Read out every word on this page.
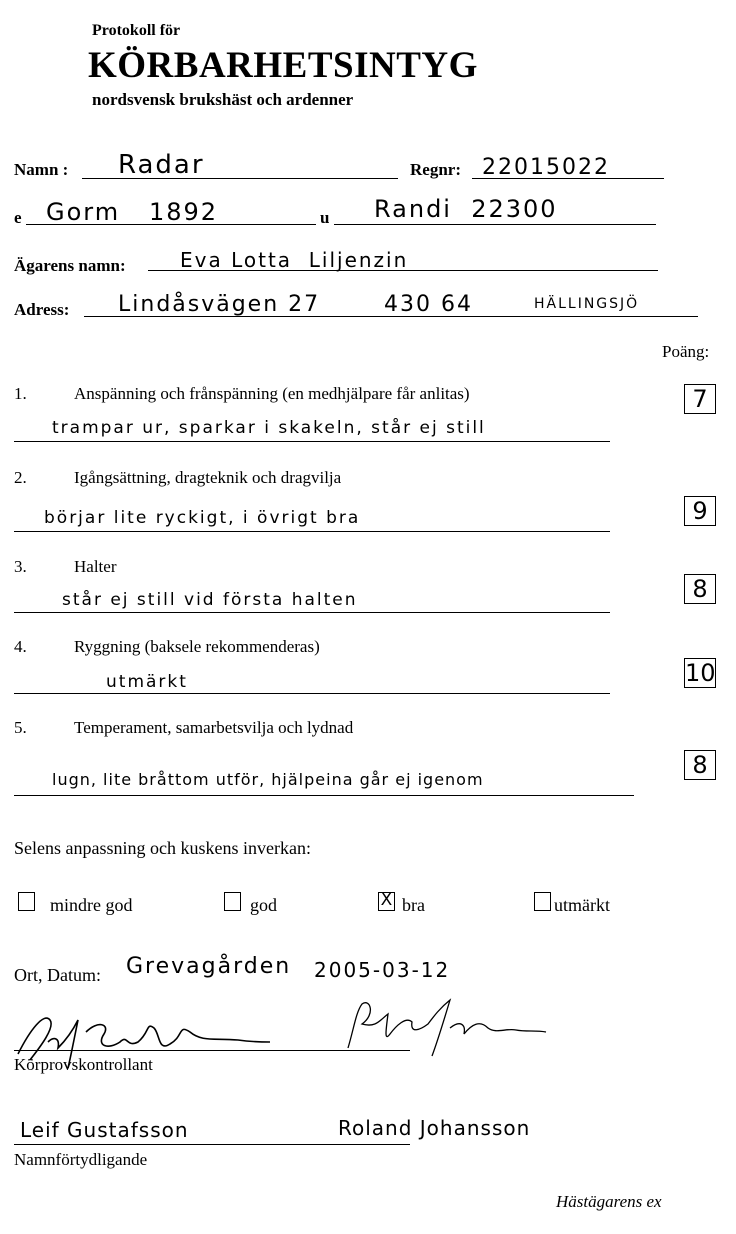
Protokoll för
KÖRBARHETSINTYG
nordsvensk brukshäst och ardenner
Namn : Radar	Regnr: 22015022
e Gorm   1892	u Randi  22300
Ägarens namn:	Eva Lotta  Liljenzin
Adress: Lindåsvägen 27	430 64	HÄLLINGSJÖ
Poäng:
1.	Anspänning och frånspänning (en medhjälpare får anlitas)
trampar ur, sparkar i skakeln, står ej still
7
2.	Igångsättning, dragteknik och dragvilja
börjar lite ryckigt, i övrigt bra	9
3.	Halter
står ej still vid första halten	8
4.	Ryggning (baksele rekommenderas)
utmärkt	10
5.	Temperament, samarbetsvilja och lydnad
lugn, lite bråttom utför, hjälpeina går ej igenom
8
Selens anpassning och kuskens inverkan:
mindre god	god	X bra	utmärkt
Ort, Datum: Grevagården 2005-03-12
Körprovskontrollant
Leif Gustafsson	Roland Johansson
Namnförtydligande
Hästägarens ex
